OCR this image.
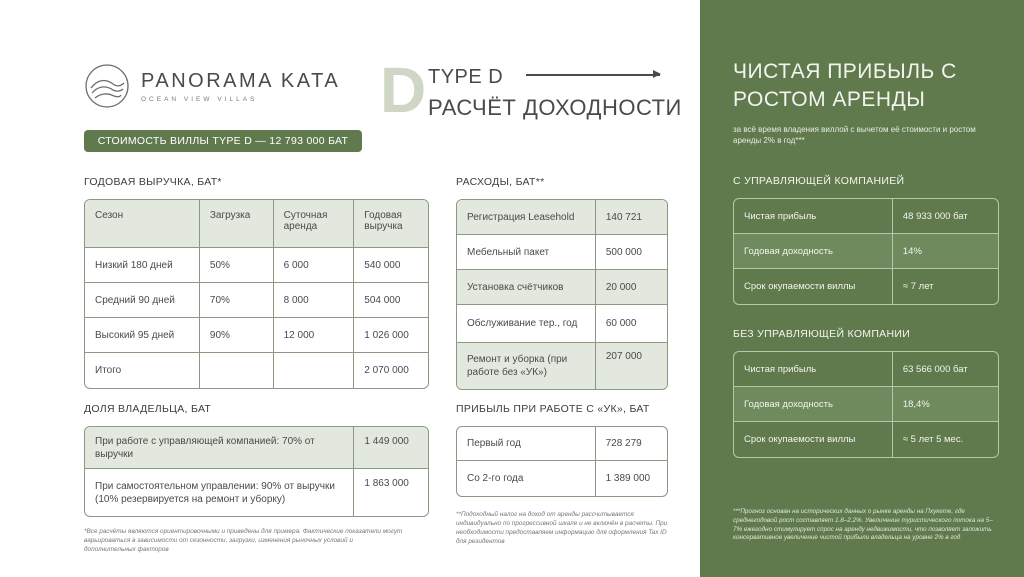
PANORAMA KATA
OCEAN VIEW VILLAS	D TYPE D
РАСЧЁТ ДОХОДНОСТИ
СТОИМОСТЬ ВИЛЛЫ TYPE D — 12 793 000 БАТ
ГОДОВАЯ ВЫРУЧКА, БАТ*
Сезон	Загрузка	Суточная аренда	Годовая выручка
Низкий 180 дней	50%	6 000	540 000
Средний 90 дней	70%	8 000	504 000
Высокий 95 дней	90%	12 000	1 026 000
Итого			2 070 000
РАСХОДЫ, БАТ**
Регистрация Leasehold	140 721
Мебельный пакет	500 000
Установка счётчиков	20 000
Обслуживание тер., год	60 000
Ремонт и уборка (при работе без «УК»)	207 000
ДОЛЯ ВЛАДЕЛЬЦА, БАТ
При работе с управляющей компанией: 70% от выручки	1 449 000
При самостоятельном управлении: 90% от выручки (10% резервируется на ремонт и уборку)	1 863 000
ПРИБЫЛЬ ПРИ РАБОТЕ С «УК», БАТ
Первый год	728 279
Со 2-го года	1 389 000
*Все расчёты являются ориентировочными и приведены для примера. Фактические показатели могут варьироваться в зависимости от сезонности, загрузки, изменения рыночных условий и дополнительных факторов
**Подоходный налог на доход от аренды рассчитывается индивидуально по прогрессивной шкале и не включён в расчеты. При необходимости предоставляем информацию для оформления Tax ID для резидентов
ЧИСТАЯ ПРИБЫЛЬ С РОСТОМ АРЕНДЫ
за всё время владения виллой с вычетом её стоимости и ростом аренды 2% в год***
С УПРАВЛЯЮЩЕЙ КОМПАНИЕЙ
Чистая прибыль	48 933 000 бат
Годовая доходность	14%
Срок окупаемости виллы	≈ 7 лет
БЕЗ УПРАВЛЯЮЩЕЙ КОМПАНИИ
Чистая прибыль	63 566 000 бат
Годовая доходность	18,4%
Срок окупаемости виллы	≈ 5 лет 5 мес.
***Прогноз основан на исторических данных о рынке аренды на Пхукете, где среднегодовой рост составляет 1.8–2.2%. Увеличение туристического потока на 5–7% ежегодно стимулирует спрос на аренду недвижимости, что позволяет заложить консервативное увеличение чистой прибыли владельца на уровне 2% в год
